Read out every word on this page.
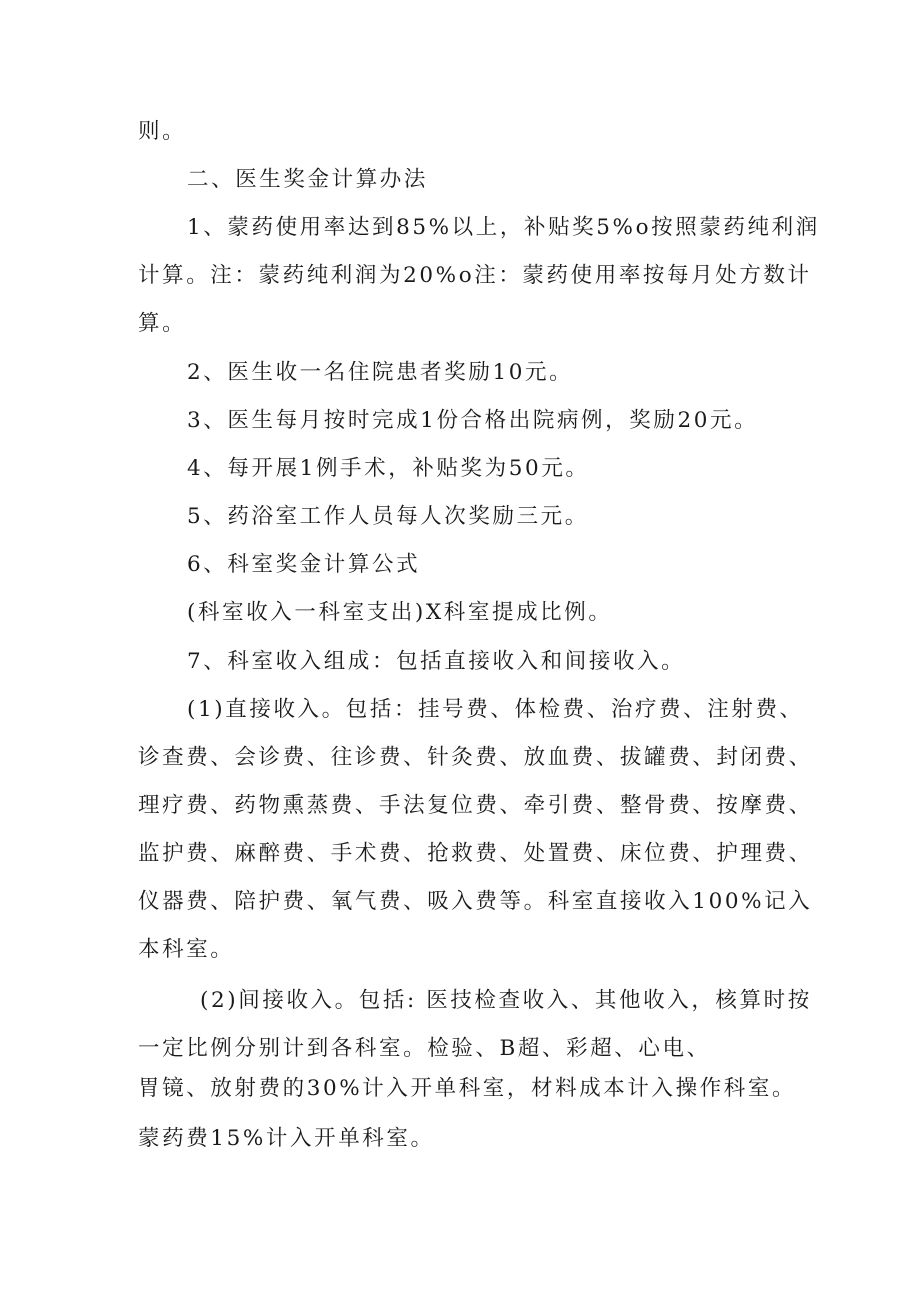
则。
二、医生奖金计算办法
1、蒙药使用率达到85%以上，补贴奖5%o按照蒙药纯利润
计算。注：蒙药纯利润为20%o注：蒙药使用率按每月处方数计
算。
2、医生收一名住院患者奖励10元。
3、医生每月按时完成1份合格出院病例，奖励20元。
4、每开展1例手术，补贴奖为50元。
5、药浴室工作人员每人次奖励三元。
6、科室奖金计算公式
(科室收入一科室支出)X科室提成比例。
7、科室收入组成：包括直接收入和间接收入。
(1)直接收入。包括：挂号费、体检费、治疗费、注射费、
诊查费、会诊费、往诊费、针灸费、放血费、拔罐费、封闭费、
理疗费、药物熏蒸费、手法复位费、牵引费、整骨费、按摩费、
监护费、麻醉费、手术费、抢救费、处置费、床位费、护理费、
仪器费、陪护费、氧气费、吸入费等。科室直接收入100%记入
本科室。
(2)间接收入。包括: 医技检查收入、其他收入，核算时按
一定比例分别计到各科室。检验、B超、彩超、心电、
胃镜、放射费的30%计入开单科室，材料成本计入操作科室。
蒙药费15%计入开单科室。
